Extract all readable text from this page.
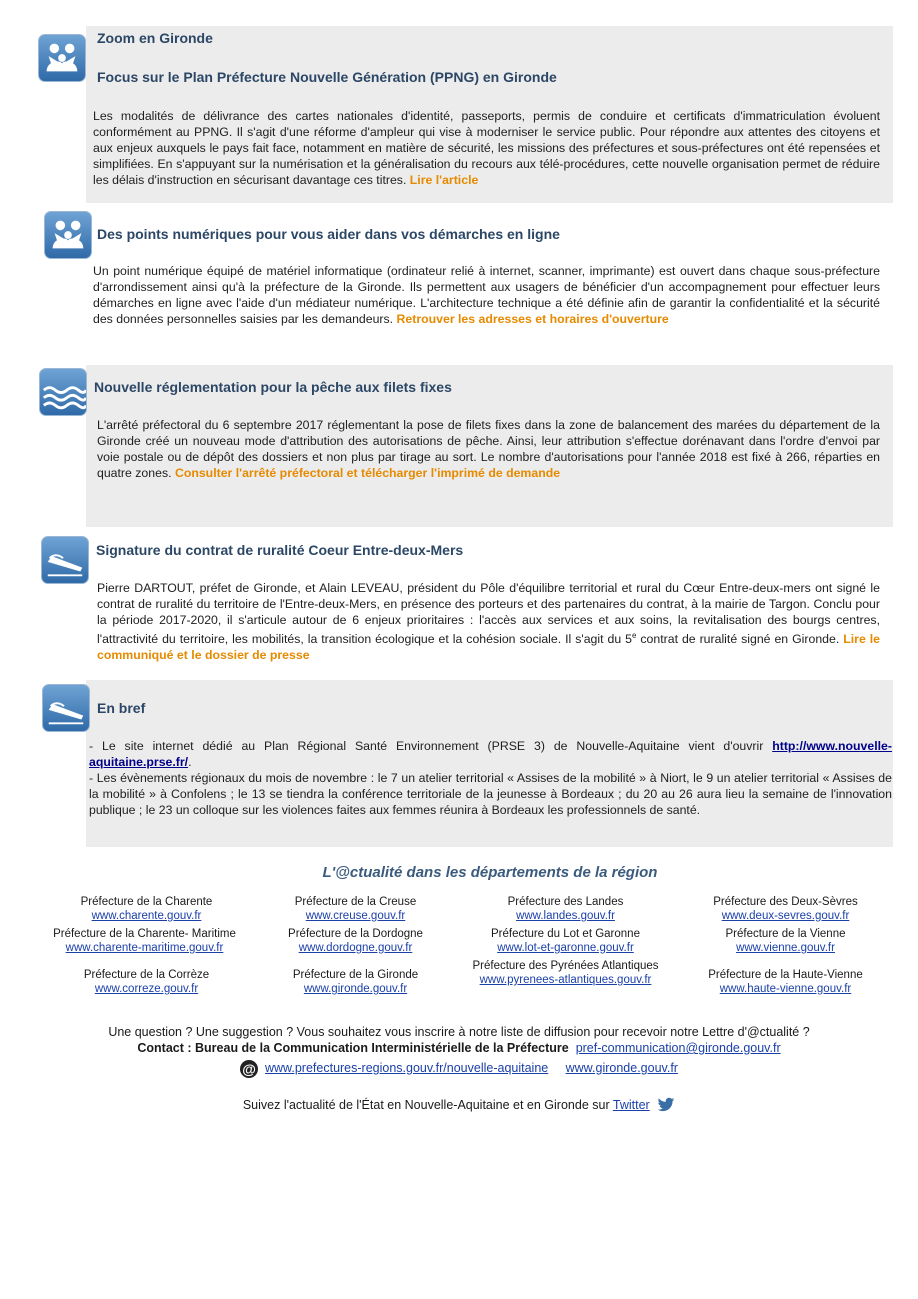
Zoom en Gironde
Focus sur le Plan Préfecture Nouvelle Génération (PPNG) en Gironde

Les modalités de délivrance des cartes nationales d'identité, passeports, permis de conduire et certificats d'immatriculation évoluent conformément au PPNG. Il s'agit d'une réforme d'ampleur qui vise à moderniser le service public. Pour répondre aux attentes des citoyens et aux enjeux auxquels le pays fait face, notamment en matière de sécurité, les missions des préfectures et sous-préfectures ont été repensées et simplifiées. En s'appuyant sur la numérisation et la généralisation du recours aux télé-procédures, cette nouvelle organisation permet de réduire les délais d'instruction en sécurisant davantage ces titres. Lire l'article

Des points numériques pour vous aider dans vos démarches en ligne

Un point numérique équipé de matériel informatique (ordinateur relié à internet, scanner, imprimante) est ouvert dans chaque sous-préfecture d'arrondissement ainsi qu'à la préfecture de la Gironde. Ils permettent aux usagers de bénéficier d'un accompagnement pour effectuer leurs démarches en ligne avec l'aide d'un médiateur numérique. L'architecture technique a été définie afin de garantir la confidentialité et la sécurité des données personnelles saisies par les demandeurs. Retrouver les adresses et horaires d'ouverture

Nouvelle réglementation pour la pêche aux filets fixes

L'arrêté préfectoral du 6 septembre 2017 réglementant la pose de filets fixes dans la zone de balancement des marées du département de la Gironde créé un nouveau mode d'attribution des autorisations de pêche. Ainsi, leur attribution s'effectue dorénavant dans l'ordre d'envoi par voie postale ou de dépôt des dossiers et non plus par tirage au sort. Le nombre d'autorisations pour l'année 2018 est fixé à 266, réparties en quatre zones. Consulter l'arrêté préfectoral et télécharger l'imprimé de demande

Signature du contrat de ruralité Coeur Entre-deux-Mers

Pierre DARTOUT, préfet de Gironde, et Alain LEVEAU, président du Pôle d'équilibre territorial et rural du Cœur Entre-deux-mers ont signé le contrat de ruralité du territoire de l'Entre-deux-Mers, en présence des porteurs et des partenaires du contrat, à la mairie de Targon. Conclu pour la période 2017-2020, il s'articule autour de 6 enjeux prioritaires : l'accès aux services et aux soins, la revitalisation des bourgs centres, l'attractivité du territoire, les mobilités, la transition écologique et la cohésion sociale. Il s'agit du 5e contrat de ruralité signé en Gironde. Lire le communiqué et le dossier de presse

En bref

- Le site internet dédié au Plan Régional Santé Environnement (PRSE 3) de Nouvelle-Aquitaine vient d'ouvrir http://www.nouvelle-aquitaine.prse.fr/.

- Les évènements régionaux du mois de novembre : le 7 un atelier territorial « Assises de la mobilité » à Niort, le 9 un atelier territorial « Assises de la mobilité » à Confolens ; le 13 se tiendra la conférence territoriale de la jeunesse à Bordeaux ; du 20 au 26 aura lieu la semaine de l'innovation publique ; le 23 un colloque sur les violences faites aux femmes réunira à Bordeaux les professionnels de santé.

L'@ctualité dans les départements de la région
Préfecture de la Charente
www.charente.gouv.fr
Préfecture de la Creuse
www.creuse.gouv.fr
Préfecture des Landes
www.landes.gouv.fr
Préfecture des Deux-Sèvres
www.deux-sevres.gouv.fr
Préfecture de la Charente- Maritime
www.charente-maritime.gouv.fr
Préfecture de la Dordogne
www.dordogne.gouv.fr
Préfecture du Lot et Garonne
www.lot-et-garonne.gouv.fr
Préfecture de la Vienne
www.vienne.gouv.fr
Préfecture de la Corrèze
www.correze.gouv.fr
Préfecture de la Gironde
www.gironde.gouv.fr
Préfecture des Pyrénées Atlantiques
www.pyrenees-atlantiques.gouv.fr	Préfecture de la Haute-Vienne
www.haute-vienne.gouv.fr
Une question ? Une suggestion ? Vous souhaitez vous inscrire à notre liste de diffusion pour recevoir notre Lettre d'@ctualité ?
Contact : Bureau de la Communication Interministérielle de la Préfecture pref-communication@gironde.gouv.fr
@ www.prefectures-regions.gouv.fr/nouvelle-aquitaine www.gironde.gouv.fr
Suivez l'actualité de l'État en Nouvelle-Aquitaine et en Gironde sur Twitter
